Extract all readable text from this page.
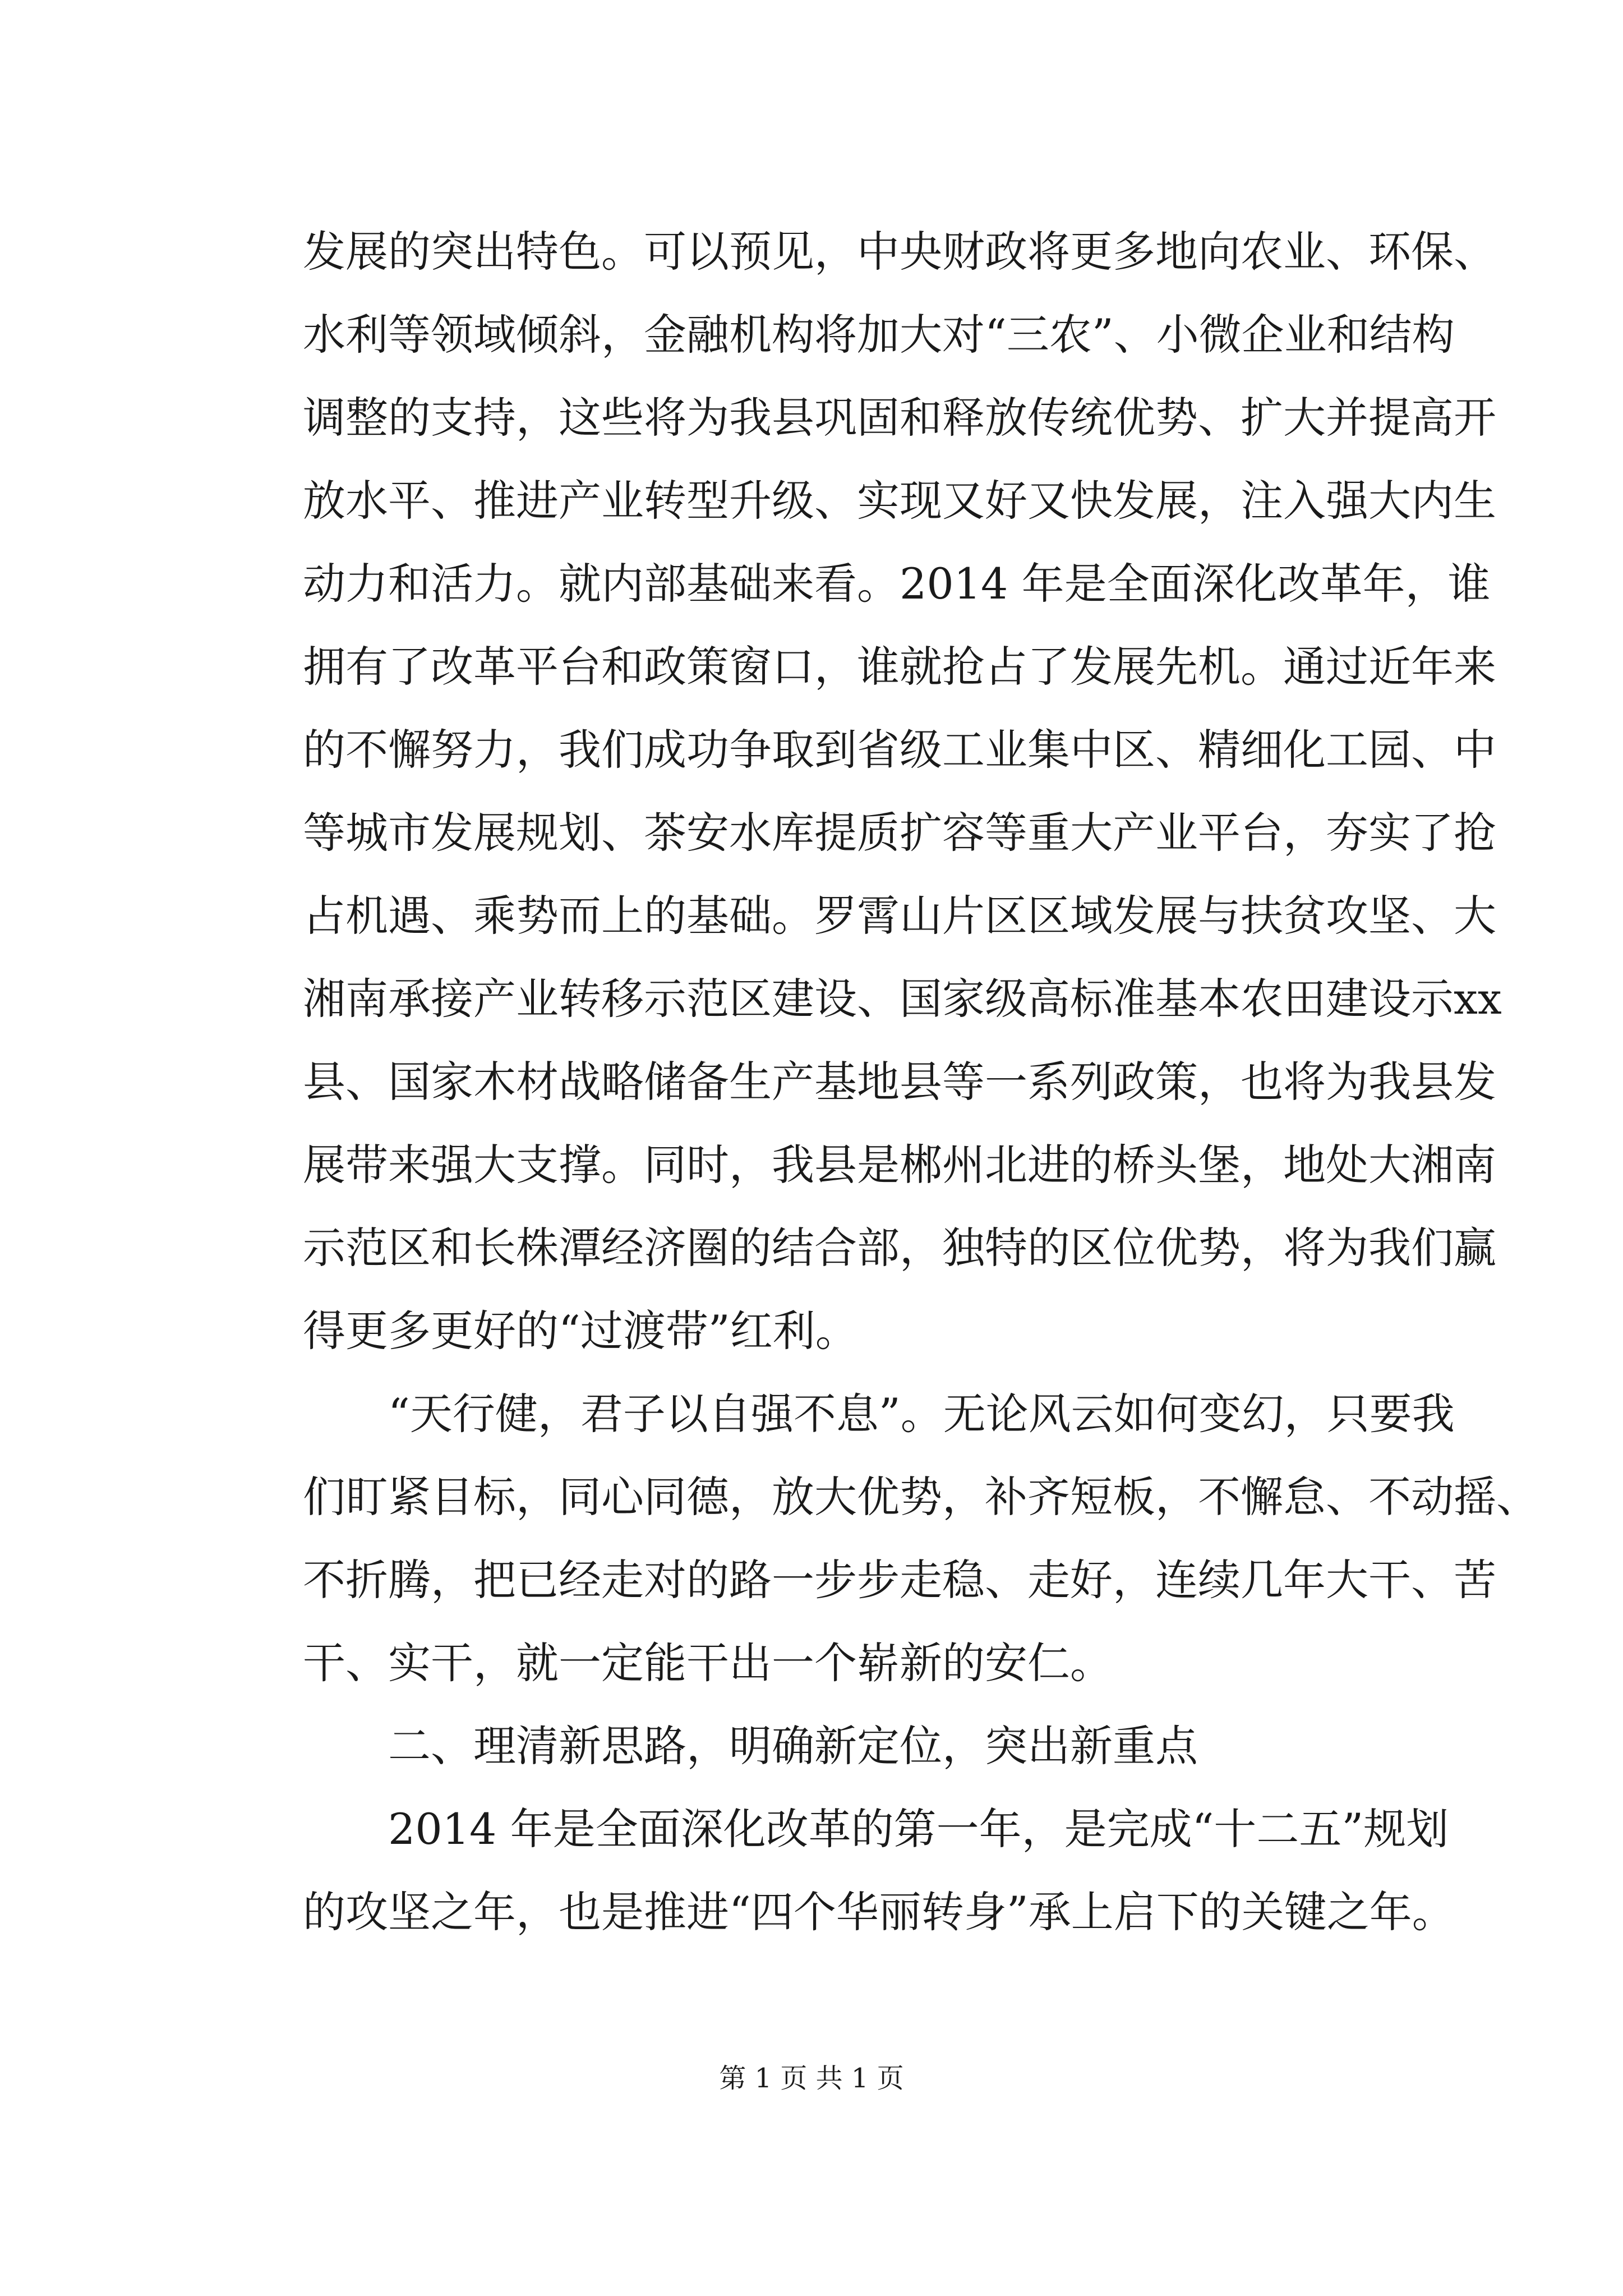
发展的突出特色。可以预见，中央财政将更多地向农业、环保、
水利等领域倾斜，金融机构将加大对“三农”、小微企业和结构
调整的支持，这些将为我县巩固和释放传统优势、扩大并提高开
放水平、推进产业转型升级、实现又好又快发展，注入强大内生
动力和活力。就内部基础来看。2014 年是全面深化改革年，谁
拥有了改革平台和政策窗口，谁就抢占了发展先机。通过近年来
的不懈努力，我们成功争取到省级工业集中区、精细化工园、中
等城市发展规划、茶安水库提质扩容等重大产业平台，夯实了抢
占机遇、乘势而上的基础。罗霄山片区区域发展与扶贫攻坚、大
湘南承接产业转移示范区建设、国家级高标准基本农田建设示xx
县、国家木材战略储备生产基地县等一系列政策，也将为我县发
展带来强大支撑。同时，我县是郴州北进的桥头堡，地处大湘南
示范区和长株潭经济圈的结合部，独特的区位优势，将为我们赢
得更多更好的“过渡带”红利。
“天行健，君子以自强不息”。无论风云如何变幻，只要我
们盯紧目标，同心同德，放大优势，补齐短板，不懈怠、不动摇、
不折腾，把已经走对的路一步步走稳、走好，连续几年大干、苦
干、实干，就一定能干出一个崭新的安仁。
二、理清新思路，明确新定位，突出新重点
2014 年是全面深化改革的第一年，是完成“十二五”规划
的攻坚之年，也是推进“四个华丽转身”承上启下的关键之年。
第 1 页 共 1 页
